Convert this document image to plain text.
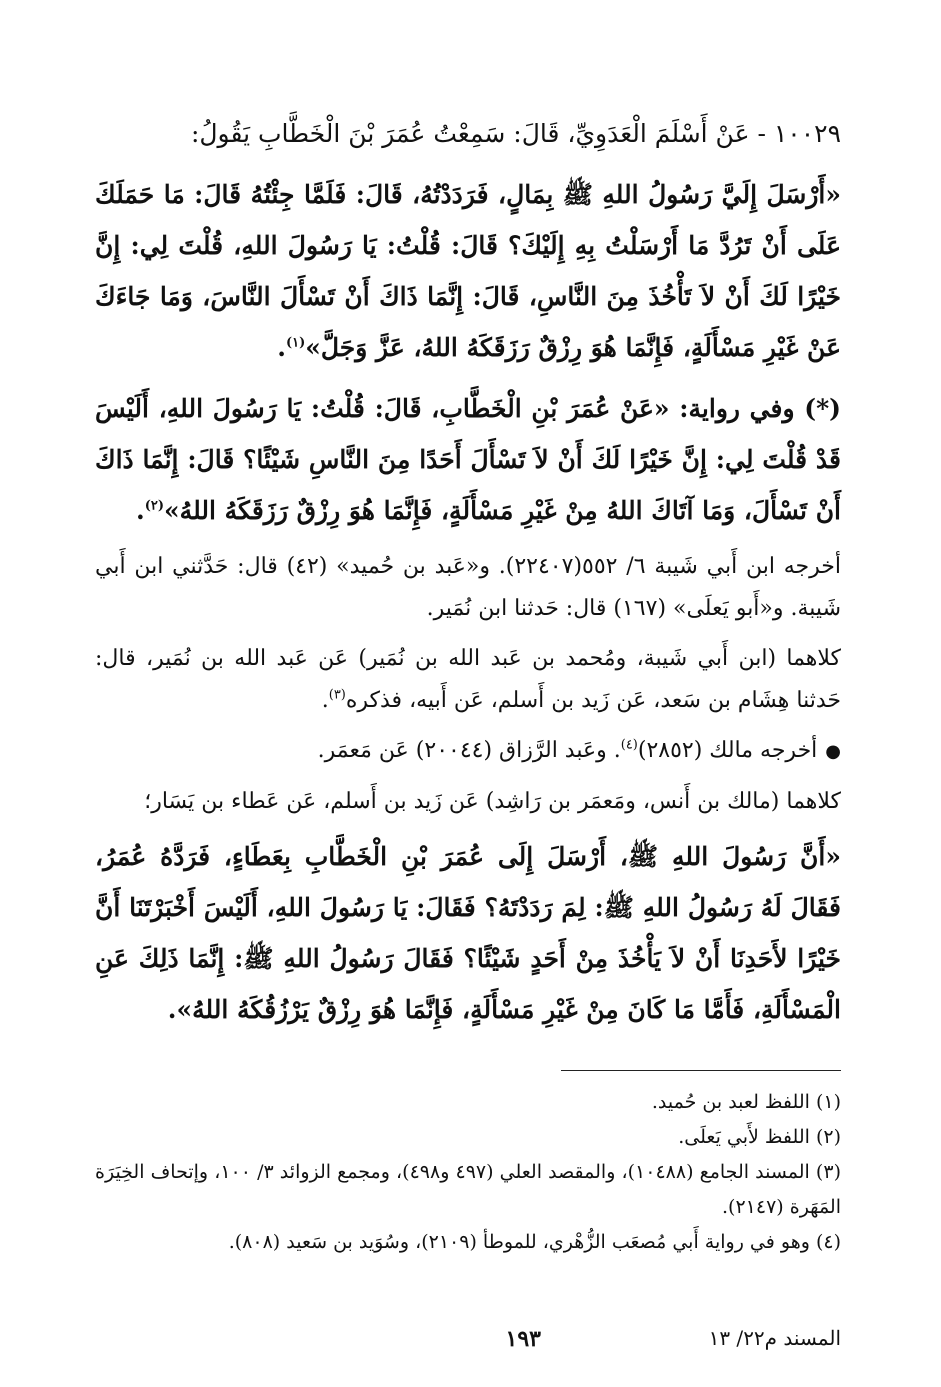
١٠٠٢٩ - عَنْ أَسْلَمَ الْعَدَوِيِّ، قَالَ: سَمِعْتُ عُمَرَ بْنَ الْخَطَّابِ يَقُولُ:

«أَرْسَلَ إِلَيَّ رَسُولُ اللهِ ﷺ بِمَالٍ، فَرَدَدْتُهُ، قَالَ: فَلَمَّا جِئْتُهُ قَالَ: مَا حَمَلَكَ عَلَى أَنْ تَرُدَّ مَا أَرْسَلْتُ بِهِ إِلَيْكَ؟ قَالَ: قُلْتُ: يَا رَسُولَ اللهِ، قُلْتَ لِي: إِنَّ خَيْرًا لَكَ أَنْ لاَ تَأْخُذَ مِنَ النَّاسِ، قَالَ: إِنَّمَا ذَاكَ أَنْ تَسْأَلَ النَّاسَ، وَمَا جَاءَكَ عَنْ غَيْرِ مَسْأَلَةٍ، فَإِنَّمَا هُوَ رِزْقٌ رَزَقَكَهُ اللهُ، عَزَّ وَجَلَّ»$^{(١)}$.

(*) وفي رواية: «عَنْ عُمَرَ بْنِ الْخَطَّابِ، قَالَ: قُلْتُ: يَا رَسُولَ اللهِ، أَلَيْسَ قَدْ قُلْتَ لِي: إِنَّ خَيْرًا لَكَ أَنْ لاَ تَسْأَلَ أَحَدًا مِنَ النَّاسِ شَيْئًا؟ قَالَ: إِنَّمَا ذَاكَ أَنْ تَسْأَلَ، وَمَا آتَاكَ اللهُ مِنْ غَيْرِ مَسْأَلَةٍ، فَإِنَّمَا هُوَ رِزْقٌ رَزَقَكَهُ اللهُ»$^{(٢)}$.

أخرجه ابن أَبي شَيبة ٦/ ٥٥٢(٢٢٤٠٧). و«عَبد بن حُميد» (٤٢) قال: حَدَّثني ابن أَبي شَيبة. و«أَبو يَعلَى» (١٦٧) قال: حَدثنا ابن نُمَير.

كلاهما (ابن أَبي شَيبة، ومُحمد بن عَبد الله بن نُمَير) عَن عَبد الله بن نُمَير، قال: حَدثنا هِشَام بن سَعد، عَن زَيد بن أَسلم، عَن أَبيه، فذكره$^{(٣)}$.

●
أخرجه مالك (٢٨٥٢)$^{(٤)}$. وعَبد الرَّزاق (٢٠٠٤٤) عَن مَعمَر.

كلاهما (مالك بن أَنس، ومَعمَر بن رَاشِد) عَن زَيد بن أَسلم، عَن عَطاء بن يَسَار؛

«أَنَّ رَسُولَ اللهِ ﷺ، أَرْسَلَ إِلَى عُمَرَ بْنِ الْخَطَّابِ بِعَطَاءٍ، فَرَدَّهُ عُمَرُ، فَقَالَ لَهُ رَسُولُ اللهِ ﷺ: لِمَ رَدَدْتَهُ؟ فَقَالَ: يَا رَسُولَ اللهِ، أَلَيْسَ أَخْبَرْتَنَا أَنَّ خَيْرًا لأَحَدِنَا أَنْ لاَ يَأْخُذَ مِنْ أَحَدٍ شَيْئًا؟ فَقَالَ رَسُولُ اللهِ ﷺ: إِنَّمَا ذَلِكَ عَنِ الْمَسْأَلَةِ، فَأَمَّا مَا كَانَ مِنْ غَيْرِ مَسْأَلَةٍ، فَإِنَّمَا هُوَ رِزْقٌ يَرْزُقُكَهُ اللهُ».

(١) اللفظ لعبد بن حُميد.
(٢) اللفظ لأَبي يَعلَى.
(٣) المسند الجامع (١٠٤٨٨)، والمقصد العلي (٤٩٧ و٤٩٨)، ومجمع الزوائد ٣/ ١٠٠، وإتحاف الخِيَرَة المَهَرة (٢١٤٧).
(٤) وهو في رواية أَبي مُصعَب الزُّهْري، للموطأ (٢١٠٩)، وسُوَيد بن سَعيد (٨٠٨).
المسند م٢٢/ ١٣
١٩٣
